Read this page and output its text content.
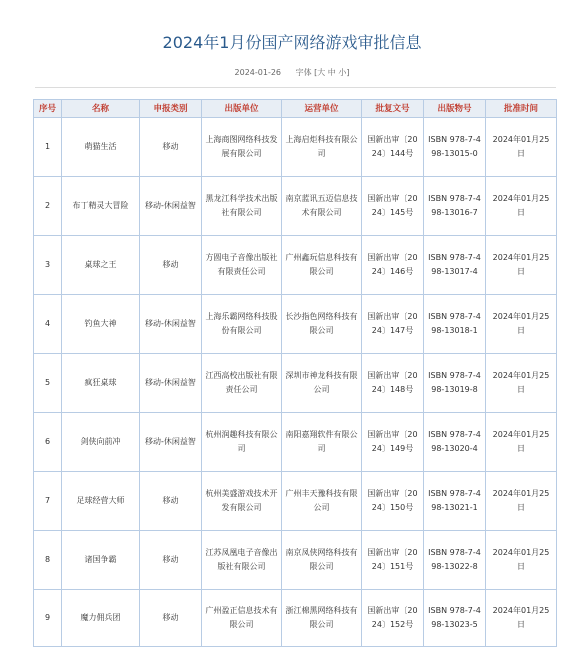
2024年1月份国产网络游戏审批信息
2024-01-26 字体 [大 中 小]
序号	名称	申报类别	出版单位	运营单位	批复文号	出版物号	批准时间
1	萌猫生活	移动	上海商图网络科技发展有限公司	上海启炬科技有限公司	国新出审〔2024〕144号	ISBN 978-7-498-13015-0	2024年01月25日
2	布丁精灵大冒险	移动-休闲益智	黑龙江科学技术出版社有限公司	南京蓝讯五迈信息技术有限公司	国新出审〔2024〕145号	ISBN 978-7-498-13016-7	2024年01月25日
3	桌球之王	移动	方圆电子音像出版社有限责任公司	广州鑫玩信息科技有限公司	国新出审〔2024〕146号	ISBN 978-7-498-13017-4	2024年01月25日
4	钓鱼大神	移动-休闲益智	上海乐霸网络科技股份有限公司	长沙指色网络科技有限公司	国新出审〔2024〕147号	ISBN 978-7-498-13018-1	2024年01月25日
5	疯狂桌球	移动-休闲益智	江西高校出版社有限责任公司	深圳市神龙科技有限公司	国新出审〔2024〕148号	ISBN 978-7-498-13019-8	2024年01月25日
6	剑侠向前冲	移动-休闲益智	杭州润趣科技有限公司	南阳嘉翔软件有限公司	国新出审〔2024〕149号	ISBN 978-7-498-13020-4	2024年01月25日
7	足球经营大师	移动	杭州美盛游戏技术开发有限公司	广州丰天豫科技有限公司	国新出审〔2024〕150号	ISBN 978-7-498-13021-1	2024年01月25日
8	诸国争霸	移动	江苏凤凰电子音像出版社有限公司	南京凤侠网络科技有限公司	国新出审〔2024〕151号	ISBN 978-7-498-13022-8	2024年01月25日
9	魔力佣兵团	移动	广州盈正信息技术有限公司	浙江棉黑网络科技有限公司	国新出审〔2024〕152号	ISBN 978-7-498-13023-5	2024年01月25日
